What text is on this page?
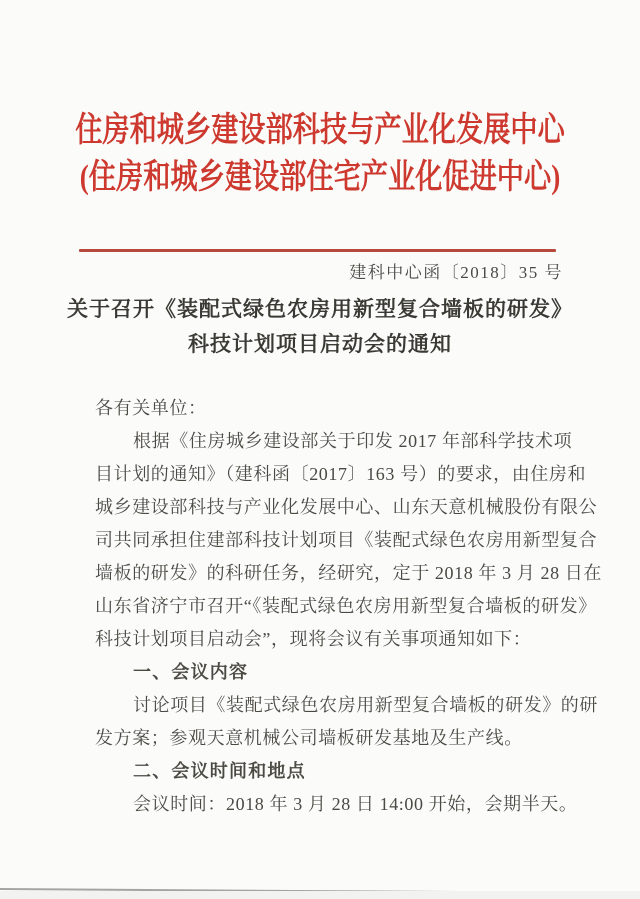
住房和城乡建设部科技与产业化发展中心
(住房和城乡建设部住宅产业化促进中心)
建科中心函〔2018〕35 号
关于召开《装配式绿色农房用新型复合墙板的研发》
科技计划项目启动会的通知
各有关单位：
根据《住房城乡建设部关于印发 2017 年部科学技术项
目计划的通知》（建科函〔2017〕163 号）的要求，由住房和
城乡建设部科技与产业化发展中心、山东天意机械股份有限公
司共同承担住建部科技计划项目《装配式绿色农房用新型复合
墙板的研发》的科研任务，经研究，定于 2018 年 3 月 28 日在
山东省济宁市召开“《装配式绿色农房用新型复合墙板的研发》
科技计划项目启动会”，现将会议有关事项通知如下：
一、会议内容
讨论项目《装配式绿色农房用新型复合墙板的研发》的研
发方案；参观天意机械公司墙板研发基地及生产线。
二、会议时间和地点
会议时间：2018 年 3 月 28 日 14:00 开始，会期半天。
